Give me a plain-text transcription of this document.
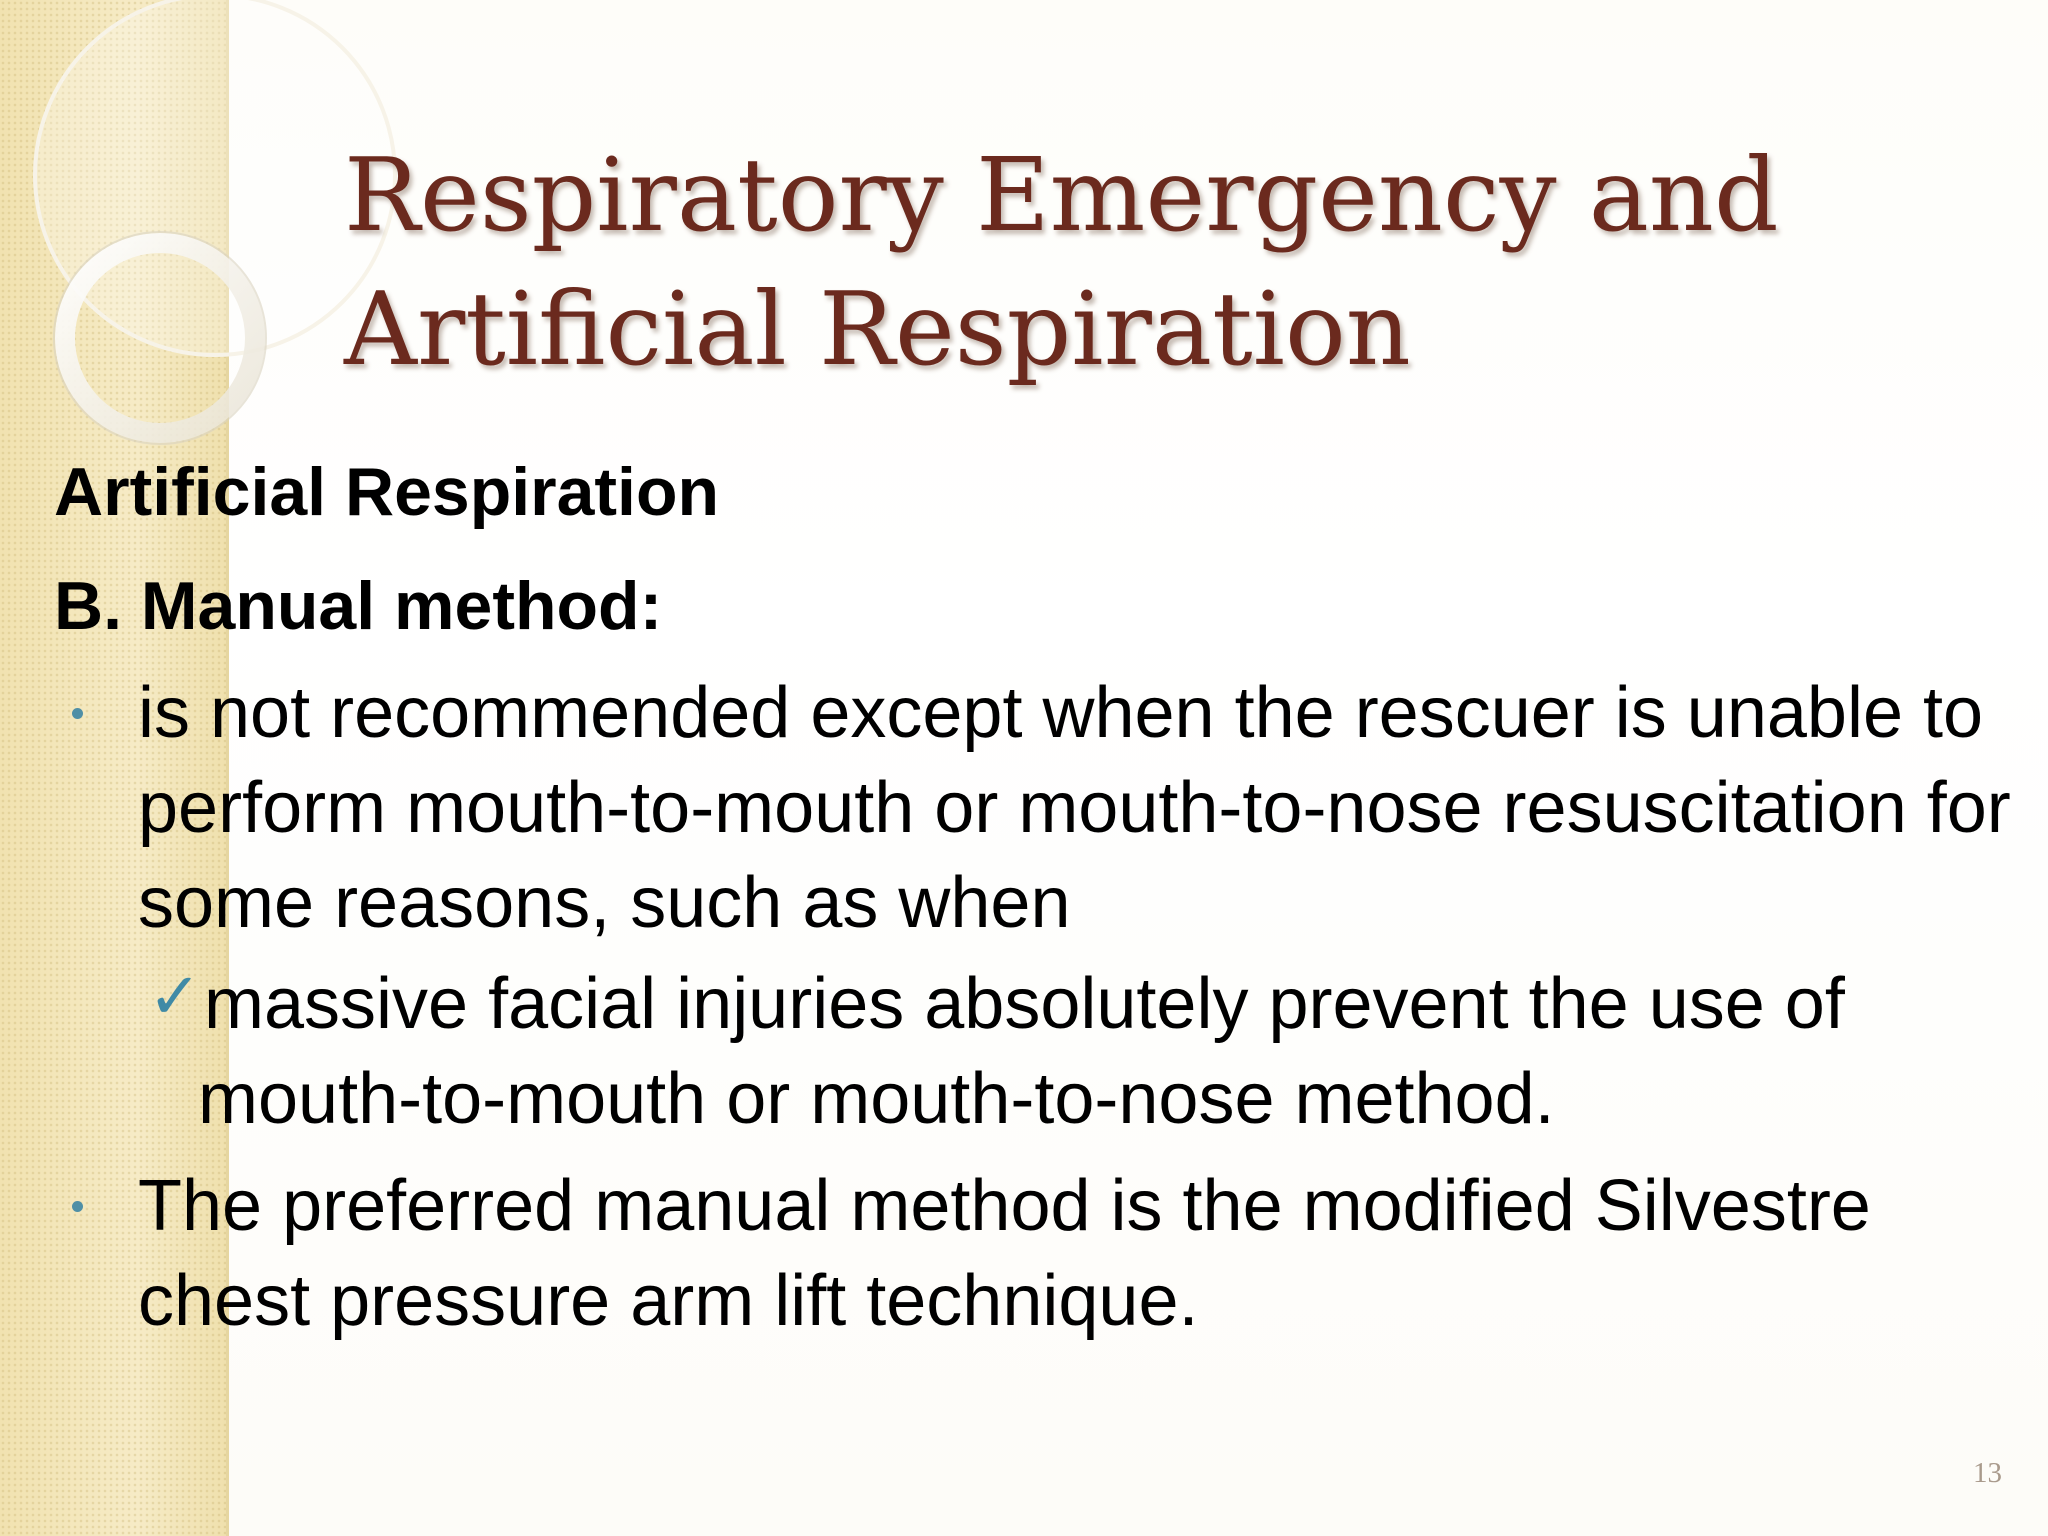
Respiratory Emergency and
Artificial Respiration

Artificial Respiration

B. Manual method:

is not recommended except when the rescuer is unable to perform mouth-to-mouth or mouth-to-nose resuscitation for some reasons, such as when
✓ massive facial injuries absolutely prevent the use of
mouth-to-mouth or mouth-to-nose method.
The preferred manual method is the modified Silvestre chest pressure arm lift technique.
13
